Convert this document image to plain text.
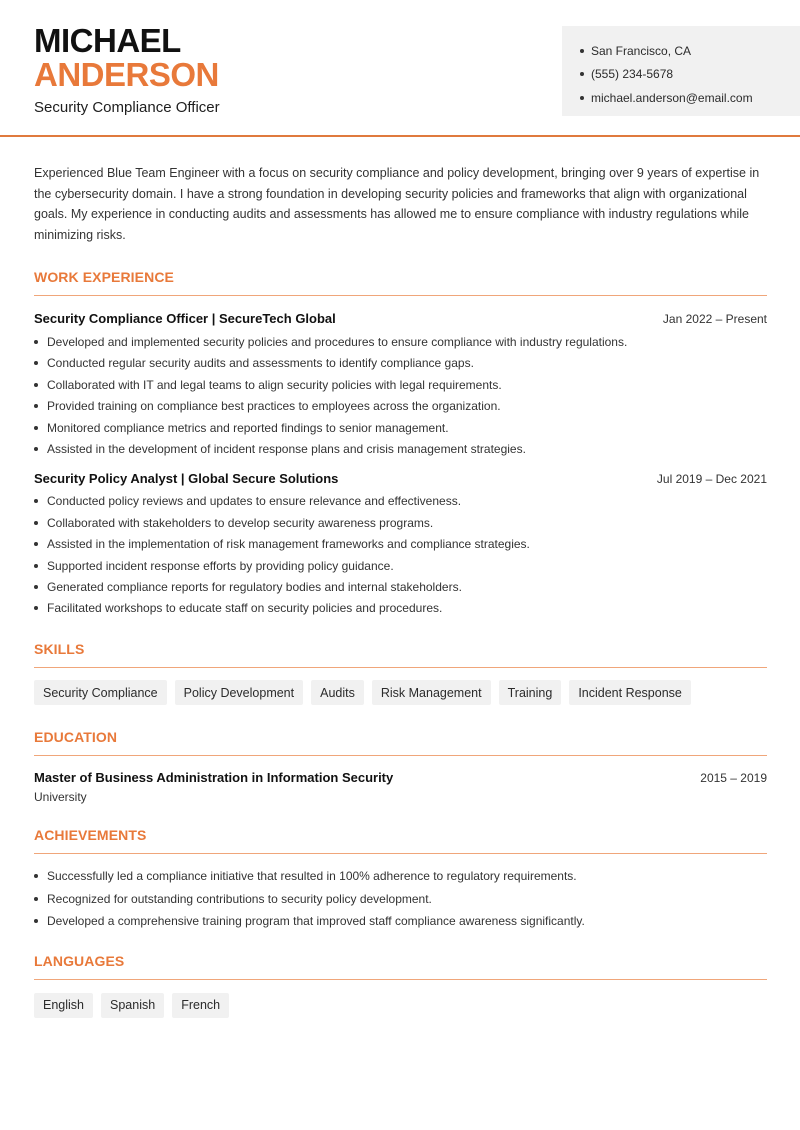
MICHAEL
ANDERSON
Security Compliance Officer
San Francisco, CA
(555) 234-5678
michael.anderson@email.com

Experienced Blue Team Engineer with a focus on security compliance and policy development, bringing over 9 years of expertise in the cybersecurity domain. I have a strong foundation in developing security policies and frameworks that align with organizational goals. My experience in conducting audits and assessments has allowed me to ensure compliance with industry regulations while minimizing risks.

WORK EXPERIENCE
Security Compliance Officer | SecureTech Global	Jan 2022 – Present
Developed and implemented security policies and procedures to ensure compliance with industry regulations.
Conducted regular security audits and assessments to identify compliance gaps.
Collaborated with IT and legal teams to align security policies with legal requirements.
Provided training on compliance best practices to employees across the organization.
Monitored compliance metrics and reported findings to senior management.
Assisted in the development of incident response plans and crisis management strategies.
Security Policy Analyst | Global Secure Solutions	Jul 2019 – Dec 2021
Conducted policy reviews and updates to ensure relevance and effectiveness.
Collaborated with stakeholders to develop security awareness programs.
Assisted in the implementation of risk management frameworks and compliance strategies.
Supported incident response efforts by providing policy guidance.
Generated compliance reports for regulatory bodies and internal stakeholders.
Facilitated workshops to educate staff on security policies and procedures.
SKILLS
Security Compliance	Policy Development	Audits	Risk Management	Training	Incident Response
EDUCATION
Master of Business Administration in Information Security	2015 – 2019
University
ACHIEVEMENTS
Successfully led a compliance initiative that resulted in 100% adherence to regulatory requirements.
Recognized for outstanding contributions to security policy development.
Developed a comprehensive training program that improved staff compliance awareness significantly.
LANGUAGES
English	Spanish	French
